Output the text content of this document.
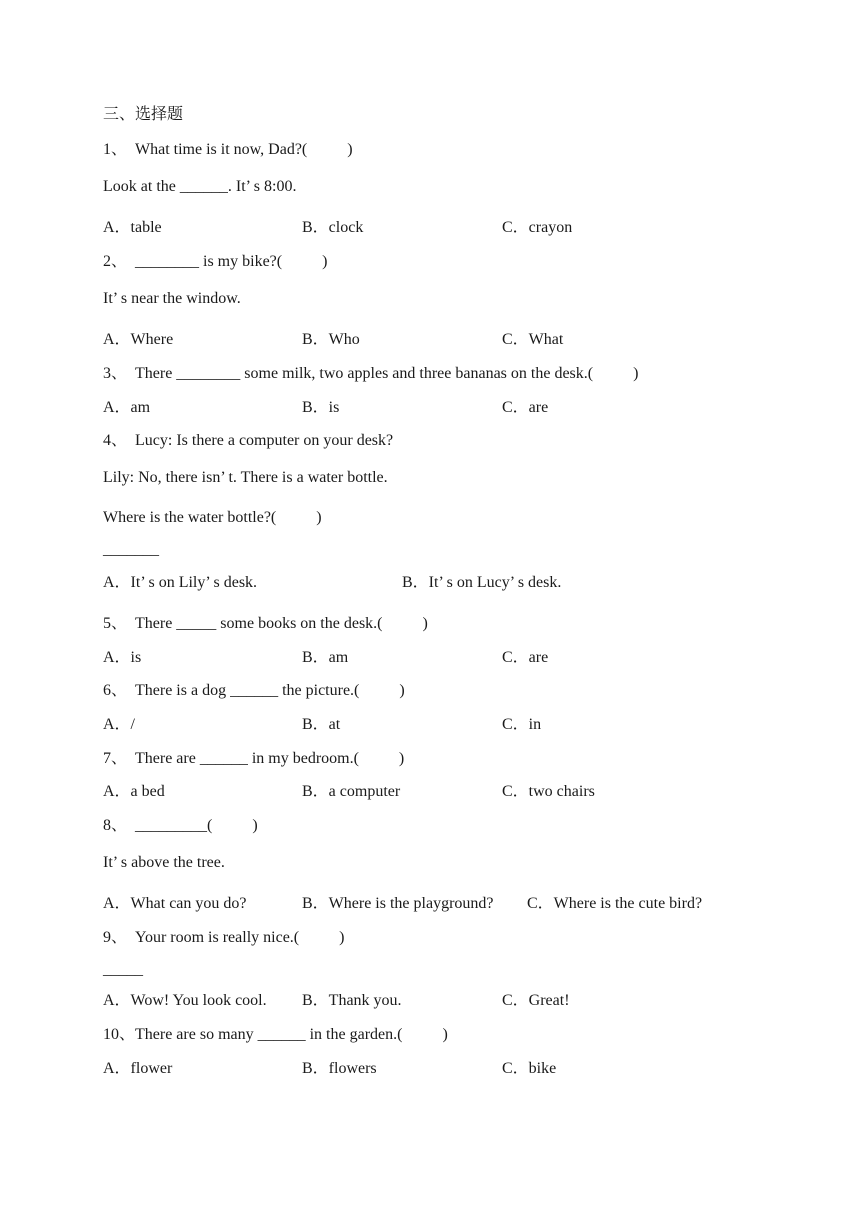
三、选择题
1、  What time is it now, Dad?(          )
Look at the ______. It’ s 8:00.
A．table	B．clock	C．crayon
2、  ________ is my bike?(          )
It’ s near the window.
A．Where	B．Who	C．What
3、  There ________ some milk, two apples and three bananas on the desk.(          )
A．am	B．is	C．are
4、  Lucy: Is there a computer on your desk?
Lily: No, there isn’ t. There is a water bottle.
Where is the water bottle?(          )
_______
A．It’ s on Lily’ s desk.	B．It’ s on Lucy’ s desk.
5、  There _____ some books on the desk.(          )
A．is	B．am	C．are
6、  There is a dog ______ the picture.(          )
A．/	B．at	C．in
7、  There are ______ in my bedroom.(          )
A．a bed	B．a computer	C．two chairs
8、  _________(          )
It’ s above the tree.
A．What can you do?	B．Where is the playground? C．Where is the cute bird?
9、  Your room is really nice.(          )
_____
A．Wow! You look cool. B．Thank you.	C．Great!
10、There are so many ______ in the garden.(          )
A．flower	B．flowers	C．bike
